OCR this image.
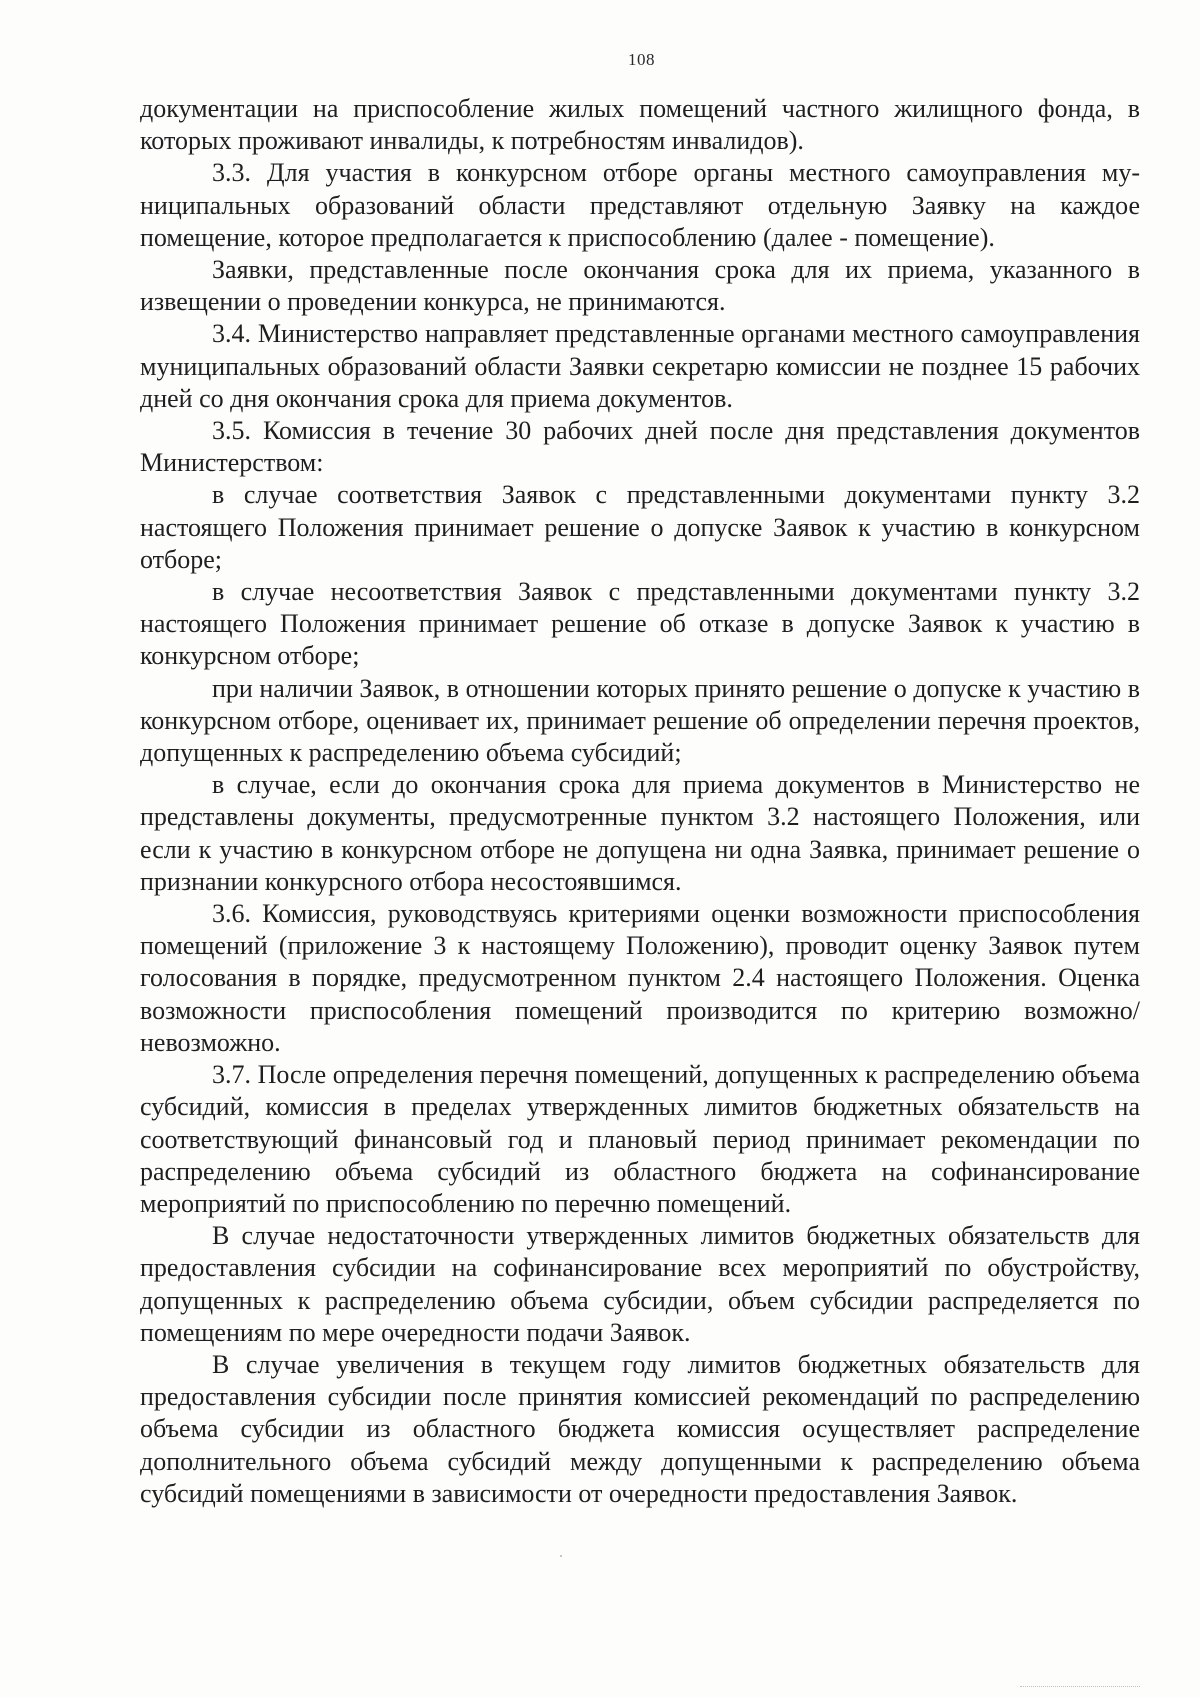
108

документации на приспособление жилых помещений частного жилищного фонда, в которых проживают инвалиды, к потребностям инвалидов).

3.3. Для участия в конкурсном отборе органы местного самоуправления муниципальных образований области представляют отдельную Заявку на каждое помещение, которое предполагается к приспособлению (далее - помещение).

Заявки, представленные после окончания срока для их приема, указанного в извещении о проведении конкурса, не принимаются.

3.4. Министерство направляет представленные органами местного самоуправления муниципальных образований области Заявки секретарю комиссии не позднее 15 рабочих дней со дня окончания срока для приема документов.

3.5. Комиссия в течение 30 рабочих дней после дня представления документов Министерством:

в случае соответствия Заявок с представленными документами пункту 3.2 настоящего Положения принимает решение о допуске Заявок к участию в конкурсном отборе;

в случае несоответствия Заявок с представленными документами пункту 3.2 настоящего Положения принимает решение об отказе в допуске Заявок к участию в конкурсном отборе;

при наличии Заявок, в отношении которых принято решение о допуске к участию в конкурсном отборе, оценивает их, принимает решение об определении перечня проектов, допущенных к распределению объема субсидий;

в случае, если до окончания срока для приема документов в Министерство не представлены документы, предусмотренные пунктом 3.2 настоящего Положения, или если к участию в конкурсном отборе не допущена ни одна Заявка, принимает решение о признании конкурсного отбора несостоявшимся.

3.6. Комиссия, руководствуясь критериями оценки возможности приспособления помещений (приложение 3 к настоящему Положению), проводит оценку Заявок путем голосования в порядке, предусмотренном пунктом 2.4 настоящего Положения. Оценка возможности приспособления помещений производится по критерию возможно/невозможно.

3.7. После определения перечня помещений, допущенных к распределению объема субсидий, комиссия в пределах утвержденных лимитов бюджетных обязательств на соответствующий финансовый год и плановый период принимает рекомендации по распределению объема субсидий из областного бюджета на софинансирование мероприятий по приспособлению по перечню помещений.

В случае недостаточности утвержденных лимитов бюджетных обязательств для предоставления субсидии на софинансирование всех мероприятий по обустройству, допущенных к распределению объема субсидии, объем субсидии распределяется по помещениям по мере очередности подачи Заявок.

В случае увеличения в текущем году лимитов бюджетных обязательств для предоставления субсидии после принятия комиссией рекомендаций по распределению объема субсидии из областного бюджета комиссия осуществляет распределение дополнительного объема субсидий между допущенными к распределению объема субсидий помещениями в зависимости от очередности предоставления Заявок.
